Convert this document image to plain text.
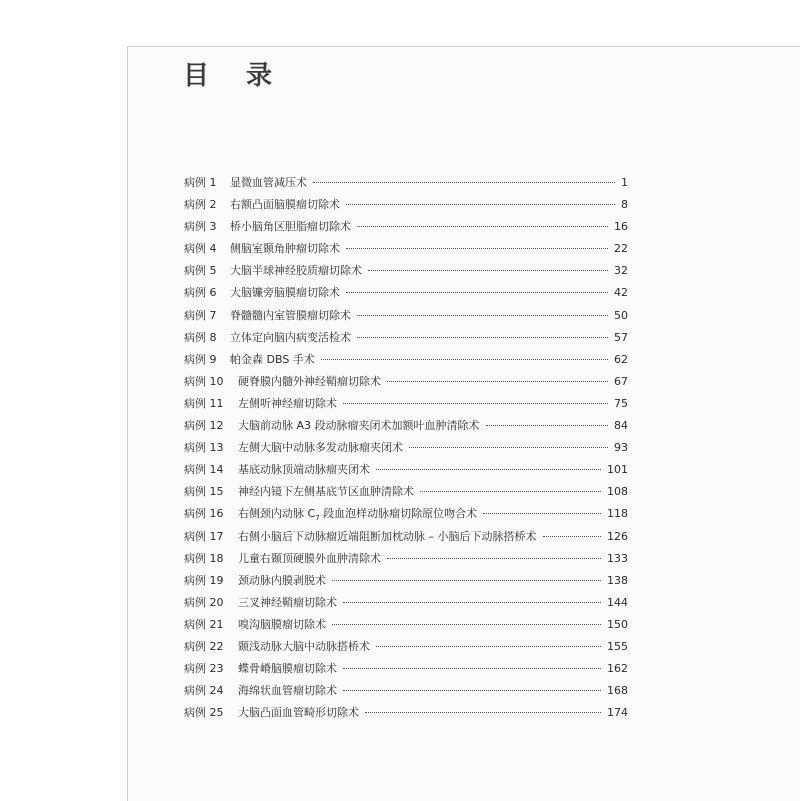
目 录
病例 1	显微血管减压术	1
病例 2	右额凸面脑膜瘤切除术	8
病例 3	桥小脑角区胆脂瘤切除术	16
病例 4	侧脑室颞角肿瘤切除术	22
病例 5	大脑半球神经胶质瘤切除术	32
病例 6	大脑镰旁脑膜瘤切除术	42
病例 7	脊髓髓内室管膜瘤切除术	50
病例 8	立体定向脑内病变活检术	57
病例 9	帕金森 DBS 手术	62
病例 10	硬脊膜内髓外神经鞘瘤切除术	67
病例 11	左侧听神经瘤切除术	75
病例 12	大脑前动脉 A3 段动脉瘤夹闭术加额叶血肿清除术	84
病例 13	左侧大脑中动脉多发动脉瘤夹闭术	93
病例 14	基底动脉顶端动脉瘤夹闭术	101
病例 15	神经内镜下左侧基底节区血肿清除术	108
病例 16	右侧颈内动脉 $C_7$ 段血泡样动脉瘤切除原位吻合术	118
病例 17	右侧小脑后下动脉瘤近端阻断加枕动脉 – 小脑后下动脉搭桥术	126
病例 18	儿童右颞顶硬膜外血肿清除术	133
病例 19	颈动脉内膜剥脱术	138
病例 20	三叉神经鞘瘤切除术	144
病例 21	嗅沟脑膜瘤切除术	150
病例 22	颞浅动脉大脑中动脉搭桥术	155
病例 23	蝶骨嵴脑膜瘤切除术	162
病例 24	海绵状血管瘤切除术	168
病例 25	大脑凸面血管畸形切除术	174
